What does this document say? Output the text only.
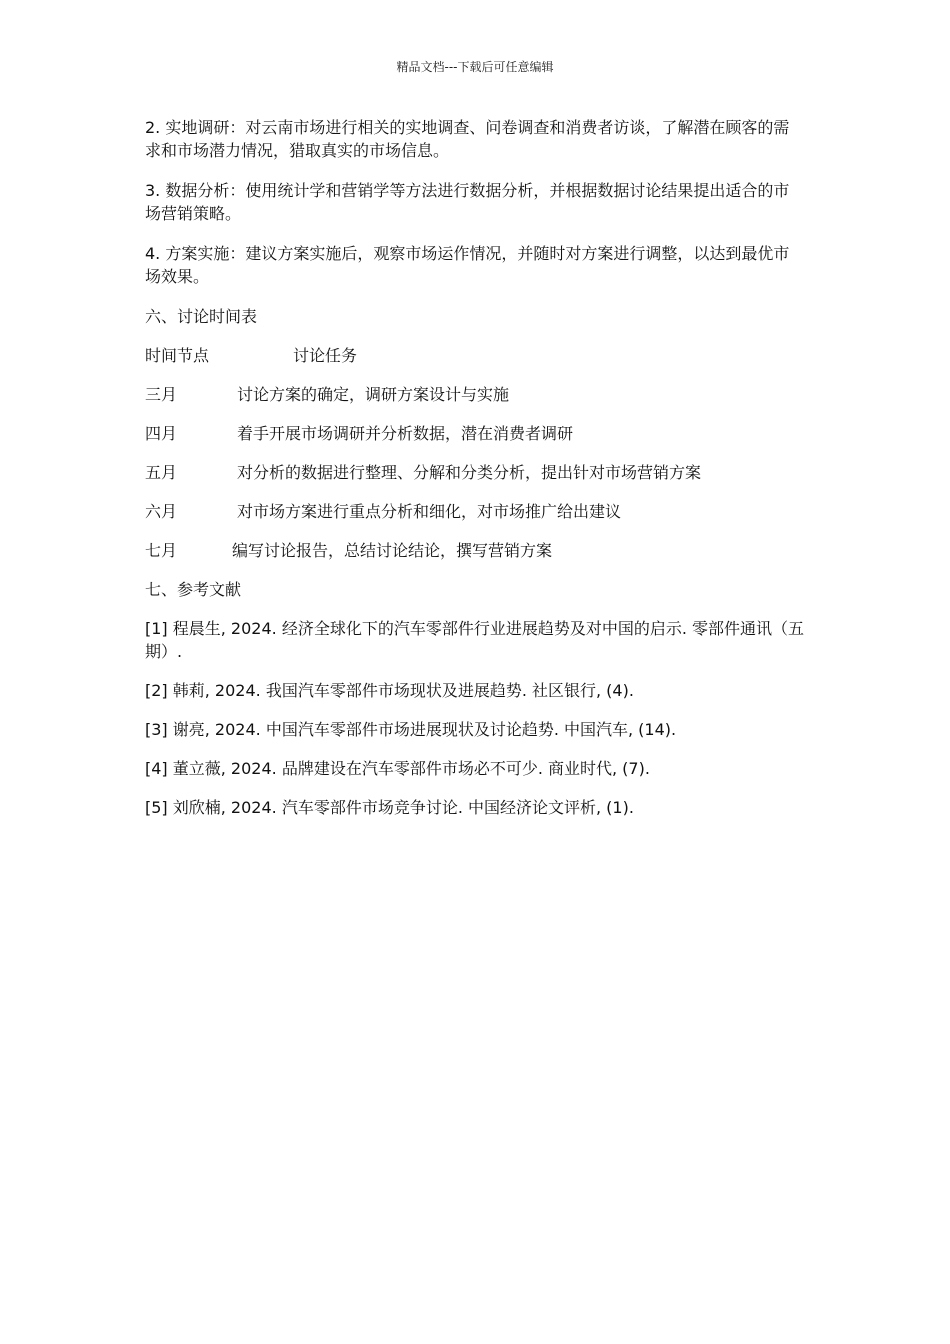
精品文档---下载后可任意编辑

2. 实地调研：对云南市场进行相关的实地调查、问卷调查和消费者访谈，了解潜在顾客的需求和市场潜力情况，猎取真实的市场信息。

3. 数据分析：使用统计学和营销学等方法进行数据分析，并根据数据讨论结果提出适合的市场营销策略。

4. 方案实施：建议方案实施后，观察市场运作情况，并随时对方案进行调整，以达到最优市场效果。

六、讨论时间表

时间节点	讨论任务
三月	讨论方案的确定，调研方案设计与实施
四月	着手开展市场调研并分析数据，潜在消费者调研
五月	对分析的数据进行整理、分解和分类分析，提出针对市场营销方案
六月	对市场方案进行重点分析和细化，对市场推广给出建议
七月	编写讨论报告，总结讨论结论，撰写营销方案

七、参考文献

[1] 程晨生, 2024. 经济全球化下的汽车零部件行业进展趋势及对中国的启示. 零部件通讯（五期）.

[2] 韩莉, 2024. 我国汽车零部件市场现状及进展趋势. 社区银行, (4).

[3] 谢亮, 2024. 中国汽车零部件市场进展现状及讨论趋势. 中国汽车, (14).

[4] 董立薇, 2024. 品牌建设在汽车零部件市场必不可少. 商业时代, (7).

[5] 刘欣楠, 2024. 汽车零部件市场竞争讨论. 中国经济论文评析, (1).
